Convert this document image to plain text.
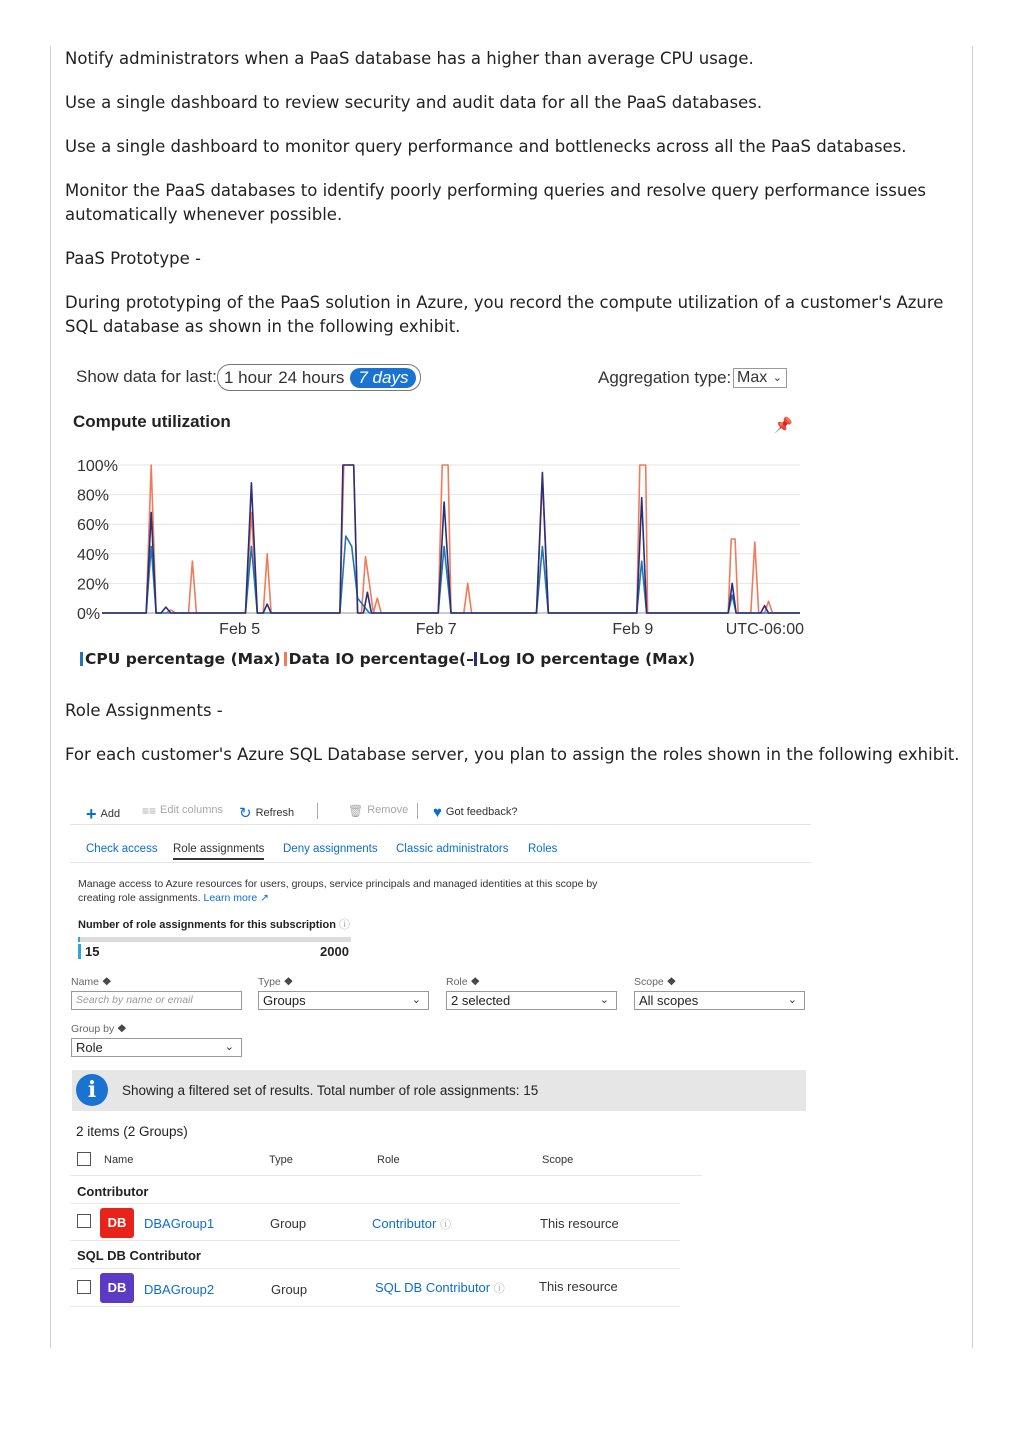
Notify administrators when a PaaS database has a higher than average CPU usage.

Use a single dashboard to review security and audit data for all the PaaS databases.

Use a single dashboard to monitor query performance and bottlenecks across all the PaaS databases.

Monitor the PaaS databases to identify poorly performing queries and resolve query performance issues automatically whenever possible.

PaaS Prototype -

During prototyping of the PaaS solution in Azure, you record the compute utilization of a customer's Azure SQL database as shown in the following exhibit.

Show data for last: 1 hour 24 hours 7 days	Aggregation type: Max ⌄
Compute utilization	📌
100%
80%
60%
40%
20%
0%
Feb 5	Feb 7	Feb 9	UTC-06:00
CPU percentage (Max) Data IO percentage(– Log IO percentage (Max)

Role Assignments -

For each customer's Azure SQL Database server, you plan to assign the roles shown in the following exhibit.

+ Add ≡≡ Edit columns ↻ Refresh	🗑 Remove ♥ Got feedback?
Check access Role assignments Deny assignments Classic administrators Roles
Manage access to Azure resources for users, groups, service principals and managed identities at this scope by creating role assignments. Learn more ↗
Number of role assignments for this subscription ⓘ
15	2000
Name ❖
Search by name or email
Type ❖
Groups	⌄
Role ❖
2 selected	⌄
Scope ❖
All scopes	⌄
Group by ❖
Role	⌄
i	Showing a filtered set of results. Total number of role assignments: 15
2 items (2 Groups)
Name	Type	Role	Scope
Contributor
DB	DBAGroup1	Group	Contributor ⓘ	This resource
SQL DB Contributor
DB	DBAGroup2	Group	SQL DB Contributor ⓘ	This resource
